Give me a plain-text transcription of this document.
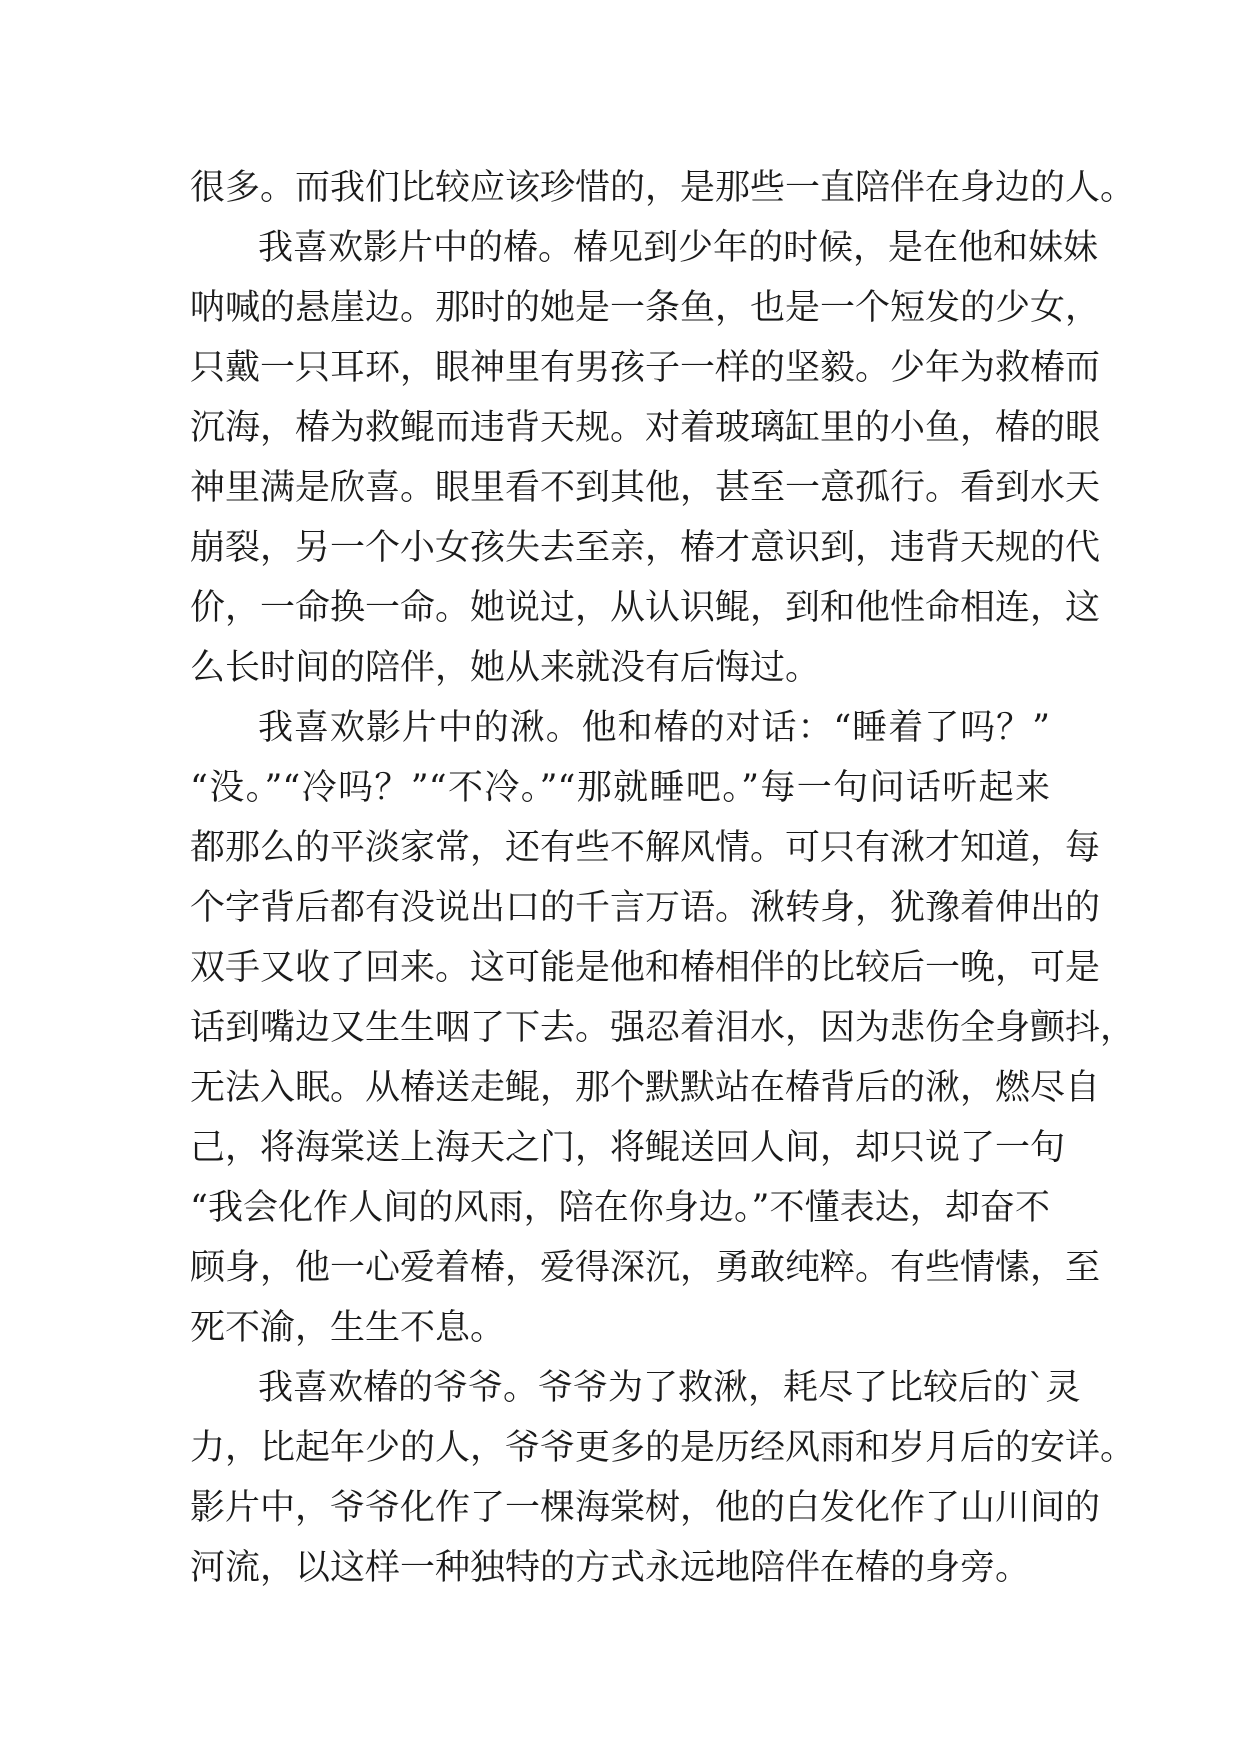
很多。而我们比较应该珍惜的，是那些一直陪伴在身边的人。
我喜欢影片中的椿。椿见到少年的时候，是在他和妹妹
呐喊的悬崖边。那时的她是一条鱼，也是一个短发的少女，
只戴一只耳环，眼神里有男孩子一样的坚毅。少年为救椿而
沉海，椿为救鲲而违背天规。对着玻璃缸里的小鱼，椿的眼
神里满是欣喜。眼里看不到其他，甚至一意孤行。看到水天
崩裂，另一个小女孩失去至亲，椿才意识到，违背天规的代
价，一命换一命。她说过，从认识鲲，到和他性命相连，这
么长时间的陪伴，她从来就没有后悔过。
我喜欢影片中的湫。他和椿的对话：“睡着了吗？”
“没。”“冷吗？”“不冷。”“那就睡吧。”每一句问话听起来
都那么的平淡家常，还有些不解风情。可只有湫才知道，每
个字背后都有没说出口的千言万语。湫转身，犹豫着伸出的
双手又收了回来。这可能是他和椿相伴的比较后一晚，可是
话到嘴边又生生咽了下去。强忍着泪水，因为悲伤全身颤抖，
无法入眠。从椿送走鲲，那个默默站在椿背后的湫，燃尽自
己，将海棠送上海天之门，将鲲送回人间，却只说了一句
“我会化作人间的风雨，陪在你身边。”不懂表达，却奋不
顾身，他一心爱着椿，爱得深沉，勇敢纯粹。有些情愫，至
死不渝，生生不息。
我喜欢椿的爷爷。爷爷为了救湫，耗尽了比较后的`灵
力，比起年少的人，爷爷更多的是历经风雨和岁月后的安详。
影片中，爷爷化作了一棵海棠树，他的白发化作了山川间的
河流，以这样一种独特的方式永远地陪伴在椿的身旁。
